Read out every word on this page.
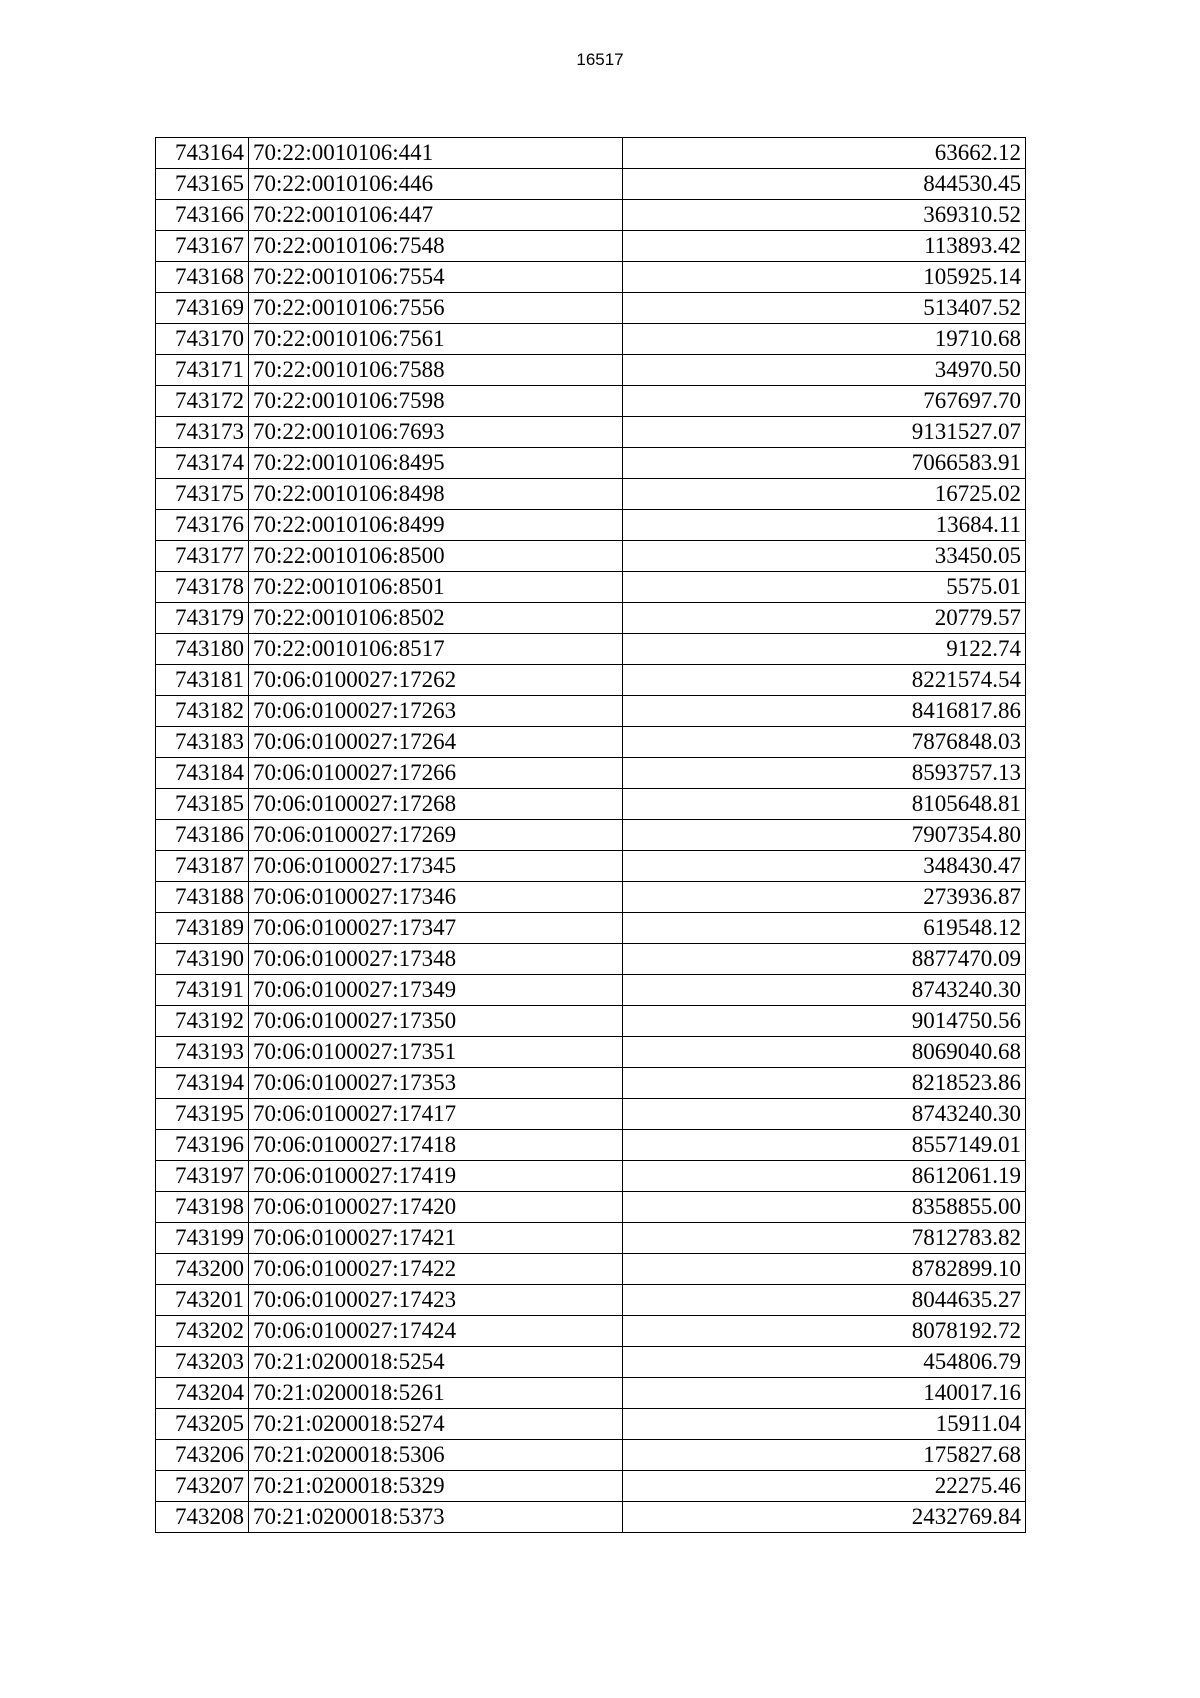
16517
743164	70:22:0010106:441	63662.12
743165	70:22:0010106:446	844530.45
743166	70:22:0010106:447	369310.52
743167	70:22:0010106:7548	113893.42
743168	70:22:0010106:7554	105925.14
743169	70:22:0010106:7556	513407.52
743170	70:22:0010106:7561	19710.68
743171	70:22:0010106:7588	34970.50
743172	70:22:0010106:7598	767697.70
743173	70:22:0010106:7693	9131527.07
743174	70:22:0010106:8495	7066583.91
743175	70:22:0010106:8498	16725.02
743176	70:22:0010106:8499	13684.11
743177	70:22:0010106:8500	33450.05
743178	70:22:0010106:8501	5575.01
743179	70:22:0010106:8502	20779.57
743180	70:22:0010106:8517	9122.74
743181	70:06:0100027:17262	8221574.54
743182	70:06:0100027:17263	8416817.86
743183	70:06:0100027:17264	7876848.03
743184	70:06:0100027:17266	8593757.13
743185	70:06:0100027:17268	8105648.81
743186	70:06:0100027:17269	7907354.80
743187	70:06:0100027:17345	348430.47
743188	70:06:0100027:17346	273936.87
743189	70:06:0100027:17347	619548.12
743190	70:06:0100027:17348	8877470.09
743191	70:06:0100027:17349	8743240.30
743192	70:06:0100027:17350	9014750.56
743193	70:06:0100027:17351	8069040.68
743194	70:06:0100027:17353	8218523.86
743195	70:06:0100027:17417	8743240.30
743196	70:06:0100027:17418	8557149.01
743197	70:06:0100027:17419	8612061.19
743198	70:06:0100027:17420	8358855.00
743199	70:06:0100027:17421	7812783.82
743200	70:06:0100027:17422	8782899.10
743201	70:06:0100027:17423	8044635.27
743202	70:06:0100027:17424	8078192.72
743203	70:21:0200018:5254	454806.79
743204	70:21:0200018:5261	140017.16
743205	70:21:0200018:5274	15911.04
743206	70:21:0200018:5306	175827.68
743207	70:21:0200018:5329	22275.46
743208	70:21:0200018:5373	2432769.84
